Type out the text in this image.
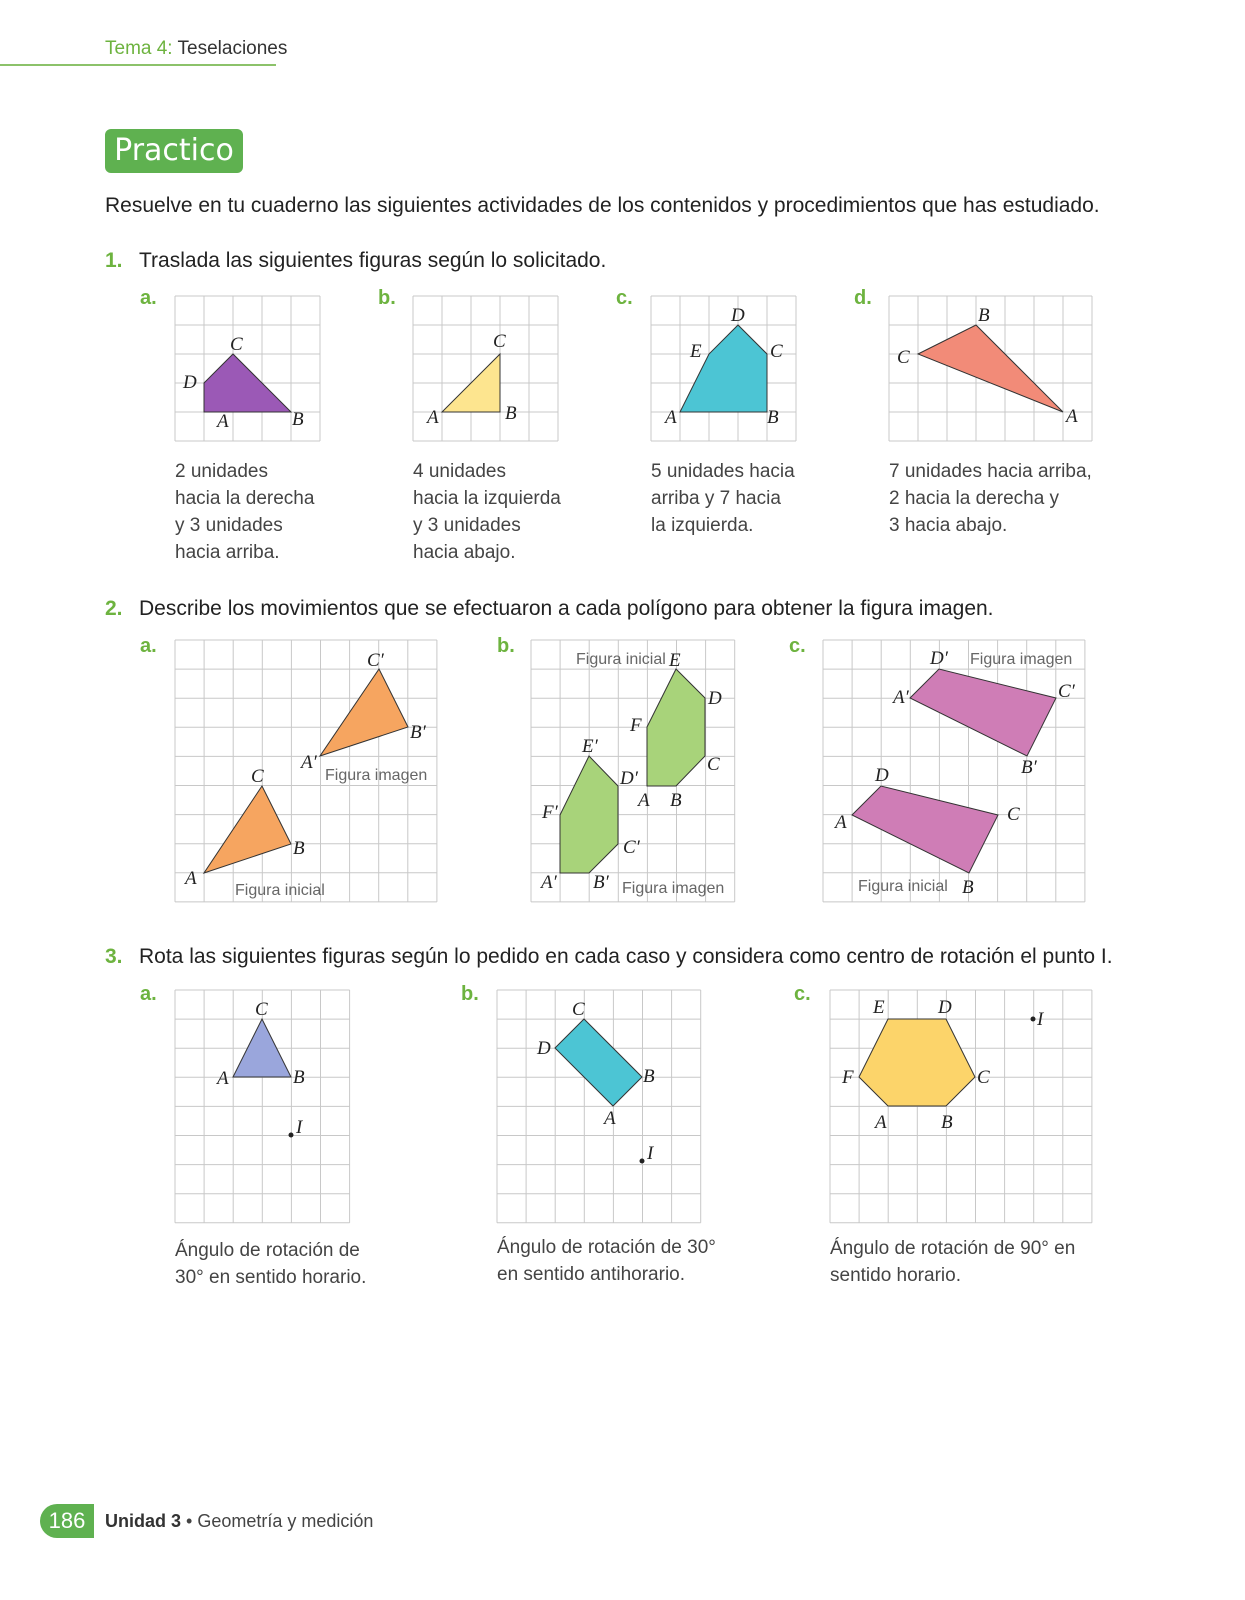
Tema 4: Teselaciones
Practico
Resuelve en tu cuaderno las siguientes actividades de los contenidos y procedimientos que has estudiado.
1. Traslada las siguientes figuras según lo solicitado.
a.	b.	c.	d.
A	B
C
D
2 unidades
hacia la derecha
y 3 unidades
hacia arriba.
A	B
C
4 unidades
hacia la izquierda
y 3 unidades
hacia abajo.
A	B
C
D
E
5 unidades hacia
arriba y 7 hacia
la izquierda.
A
B
C
7 unidades hacia arriba,
2 hacia la derecha y
3 hacia abajo.
2. Describe los movimientos que se efectuaron a cada polígono para obtener la figura imagen.
a.	b.	c.
A
B
C
A′
B′
C′
Figura imagen
Figura inicial
Figura inicial E
D
F
C
A B
E′
D′
F′
C′
A′ B′ Figura imagen
D′ Figura imagen
A′	C′
B′
D
A	C
Figura inicial B
3. Rota las siguientes figuras según lo pedido en cada caso y considera como centro de rotación el punto I.
a.	b.	c.
A	B
C
I
Ángulo de rotación de
30° en sentido horario.
A
B
C
D
I
Ángulo de rotación de 30°
en sentido antihorario.
E	D
F	C
A	B
I
Ángulo de rotación de 90° en
sentido horario.
186	Unidad 3 • Geometría y medición
